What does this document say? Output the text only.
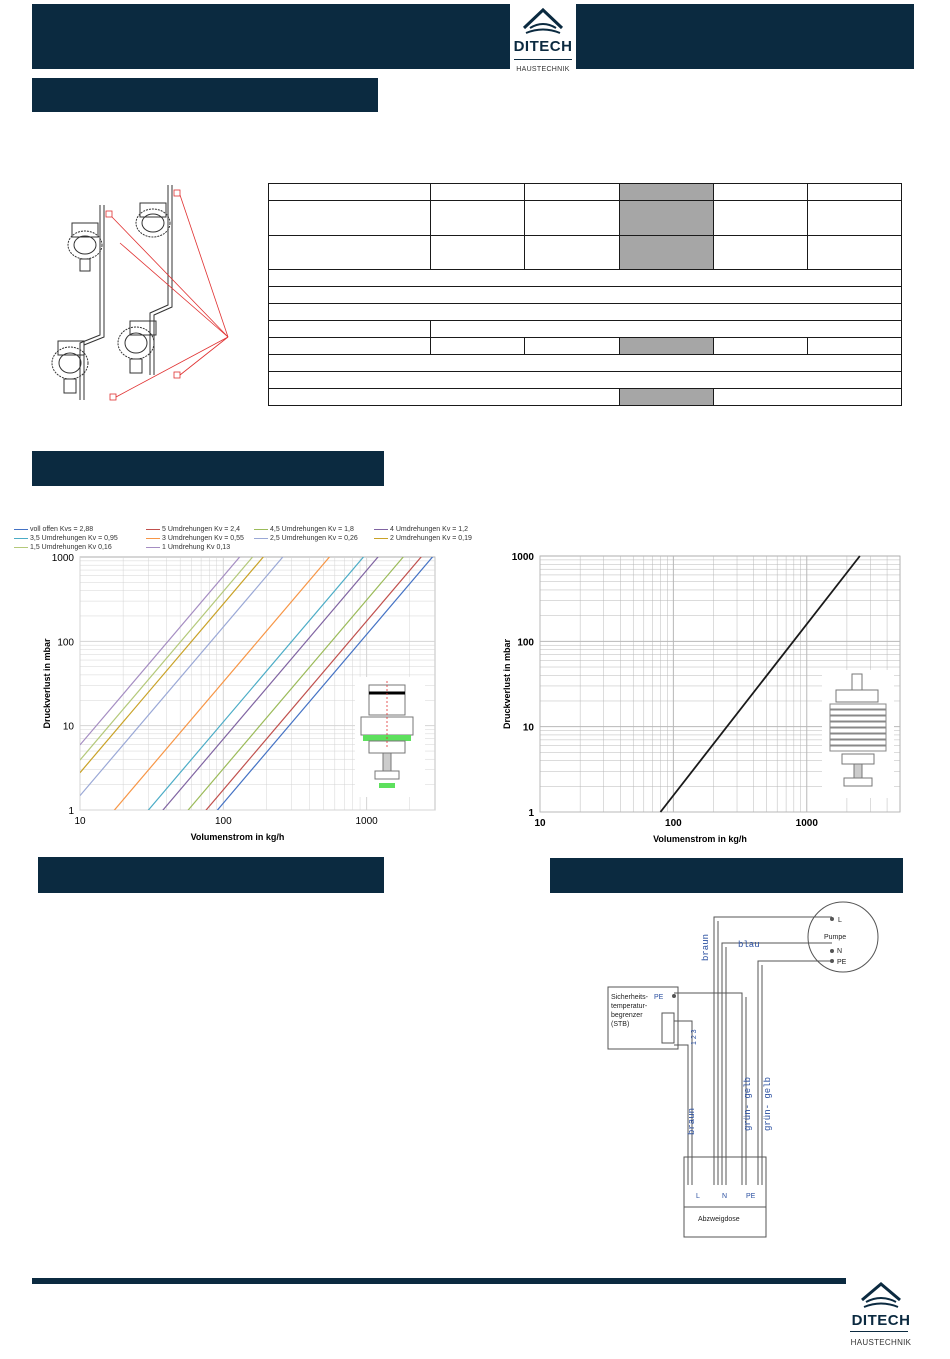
DITECH
HAUSTECHNIK

voll offen Kvs = 2,88	5 Umdrehungen Kv = 2,4	4,5 Umdrehungen Kv = 1,8	4 Umdrehungen Kv = 1,2
3,5 Umdrehungen Kv = 0,95	3 Umdrehungen Kv = 0,55	2,5 Umdrehungen Kv = 0,26	2 Umdrehungen Kv = 0,19
1,5 Umdrehungen Kv 0,16	1 Umdrehung Kv 0,13
10	100	1000
1
10
100
1000
Volumenstrom in kg/h
Druckverlust in mbar
10	100	1000
1
10
100
1000
Volumenstrom in kg/h
Druckverlust in mbar
L
N
PE
Pumpe
Sicherheits-
temperatur-
begrenzer
(STB)
PE
1 2 3
Abzweigdose
L	N	PE
braun	blau
braun	grün- gelb grün- gelb
DITECH
HAUSTECHNIK
